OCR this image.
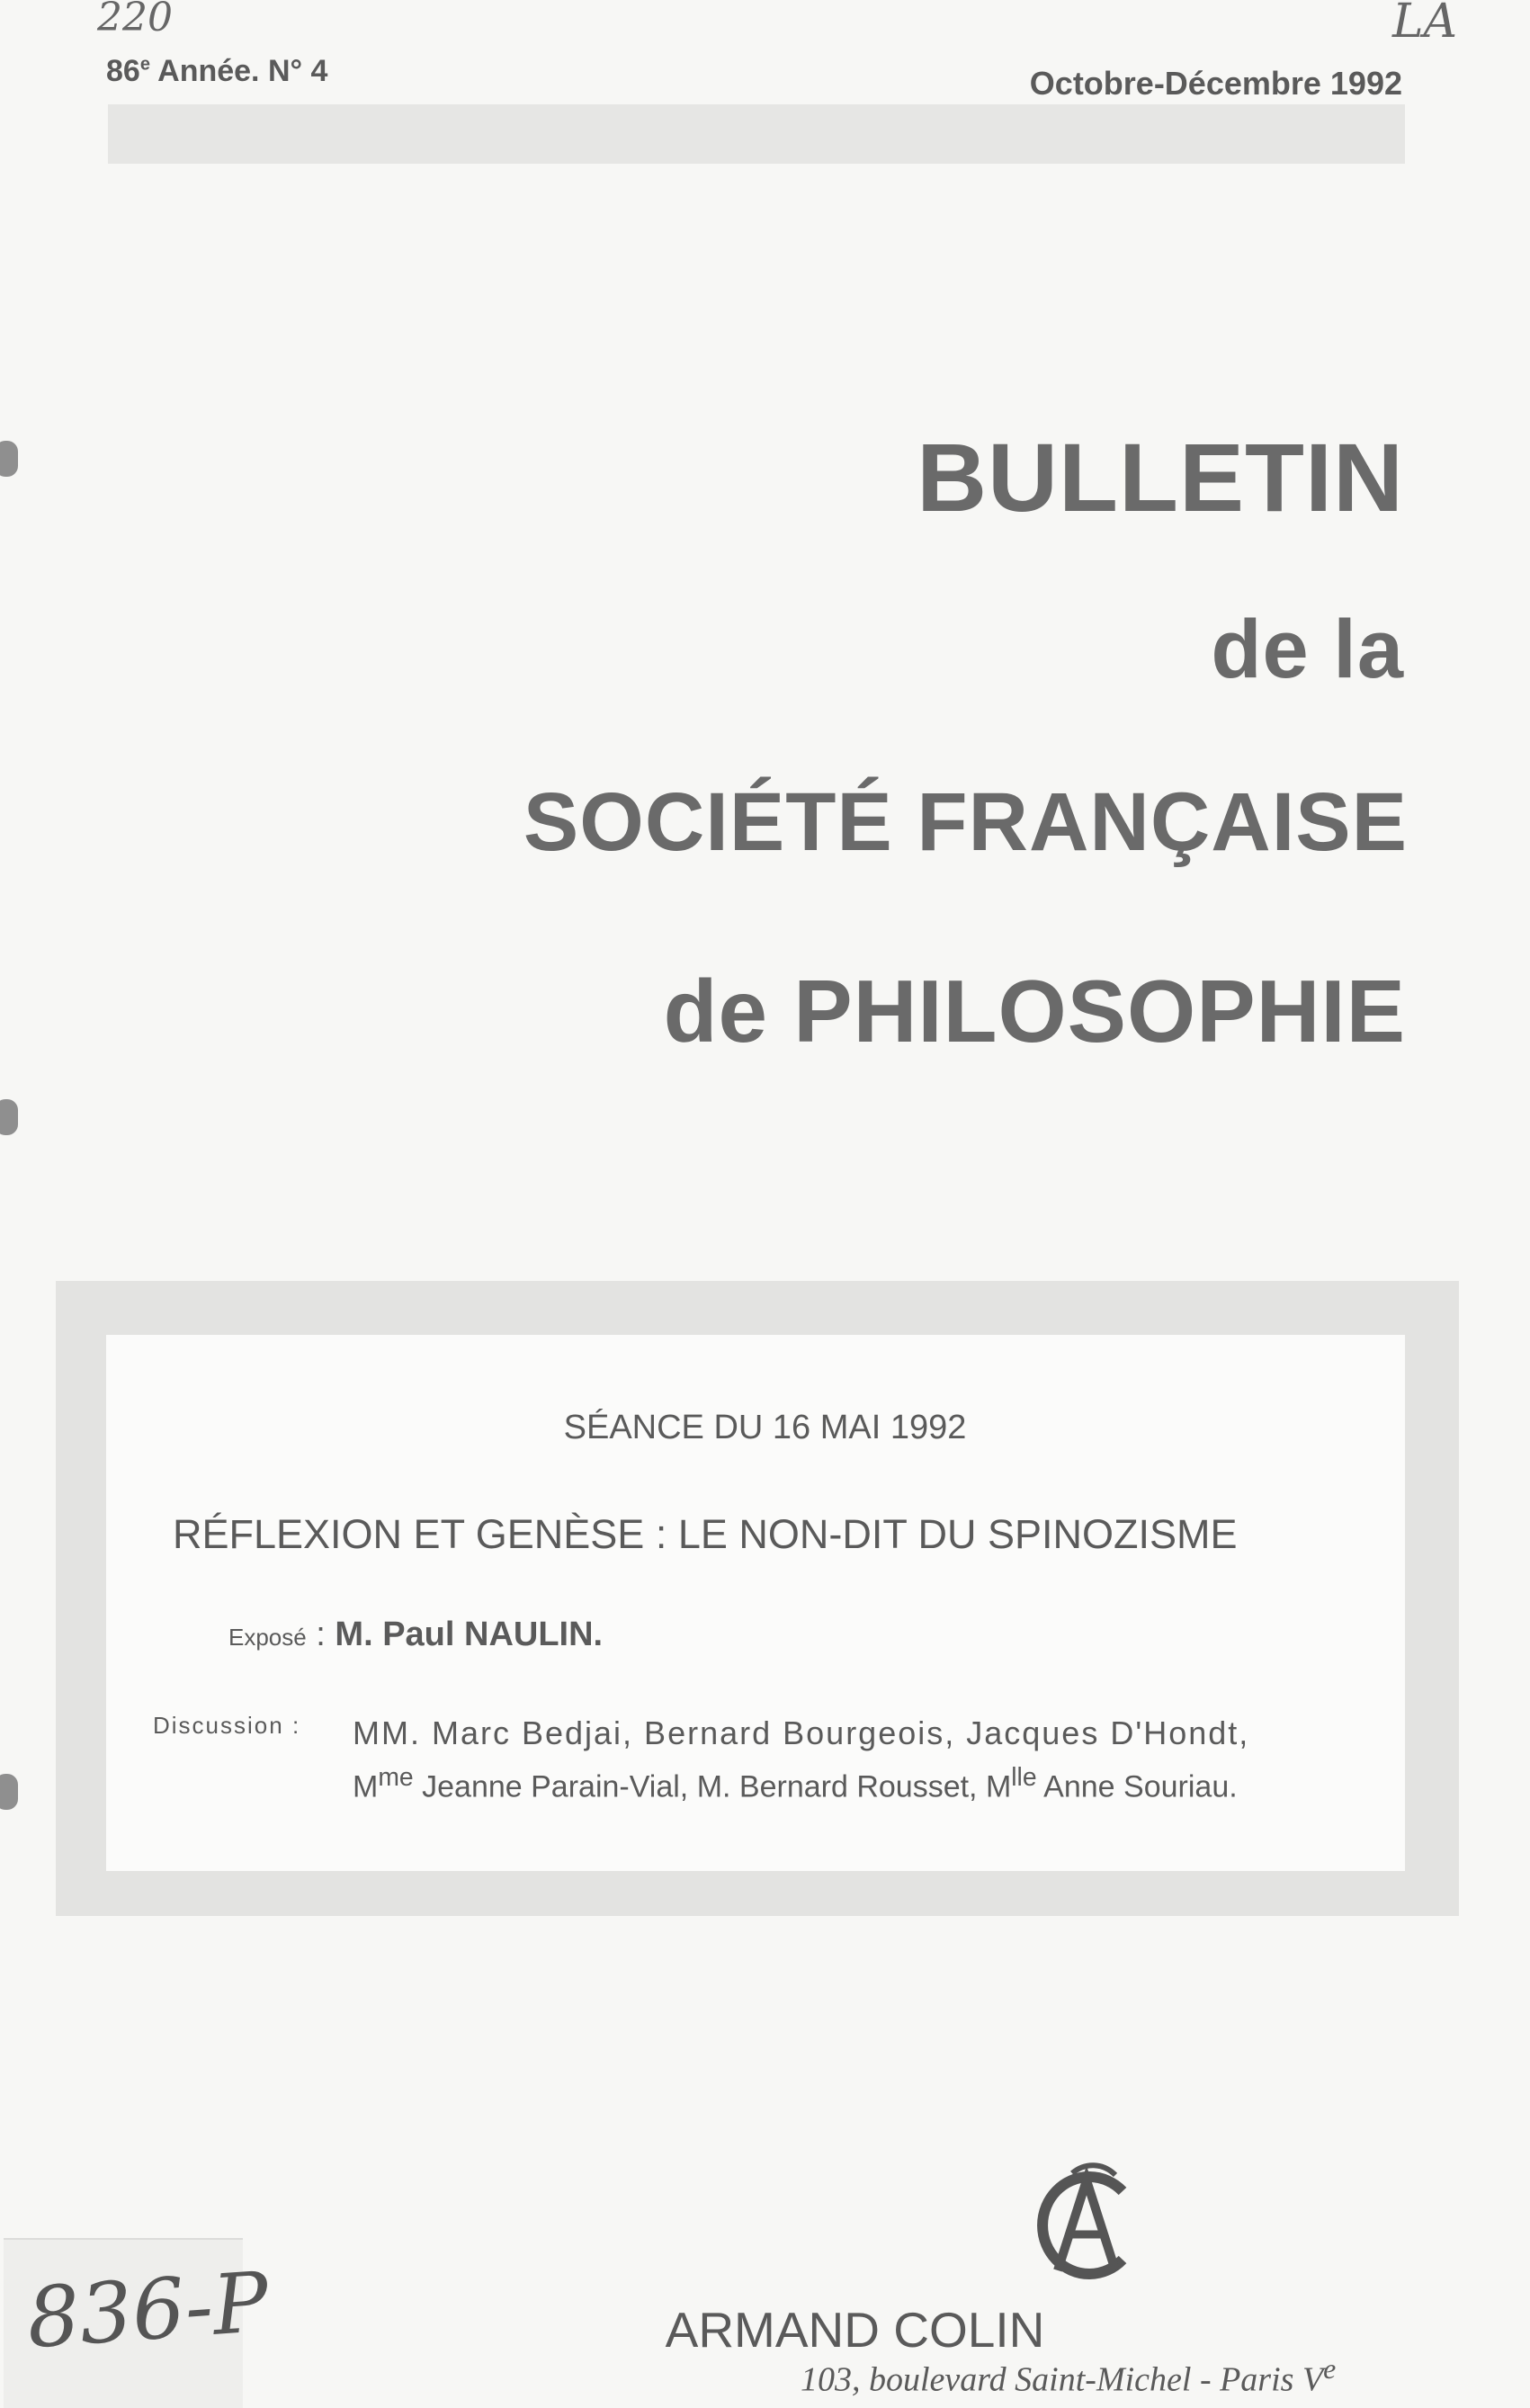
220	LA
86e Année. N° 4	Octobre-Décembre 1992
BULLETIN
de la
SOCIÉTÉ FRANÇAISE
de PHILOSOPHIE
SÉANCE DU 16 MAI 1992
RÉFLEXION ET GENÈSE : LE NON-DIT DU SPINOZISME
Exposé : M. Paul NAULIN.
Discussion : MM. Marc Bedjai, Bernard Bourgeois, Jacques D'Hondt,
$M^{me}$ Jeanne Parain-Vial, M. Bernard Rousset, $M^{lle}$ Anne Souriau.
AC
ARMAND COLIN
103, boulevard Saint-Michel - Paris Ve
836-P
